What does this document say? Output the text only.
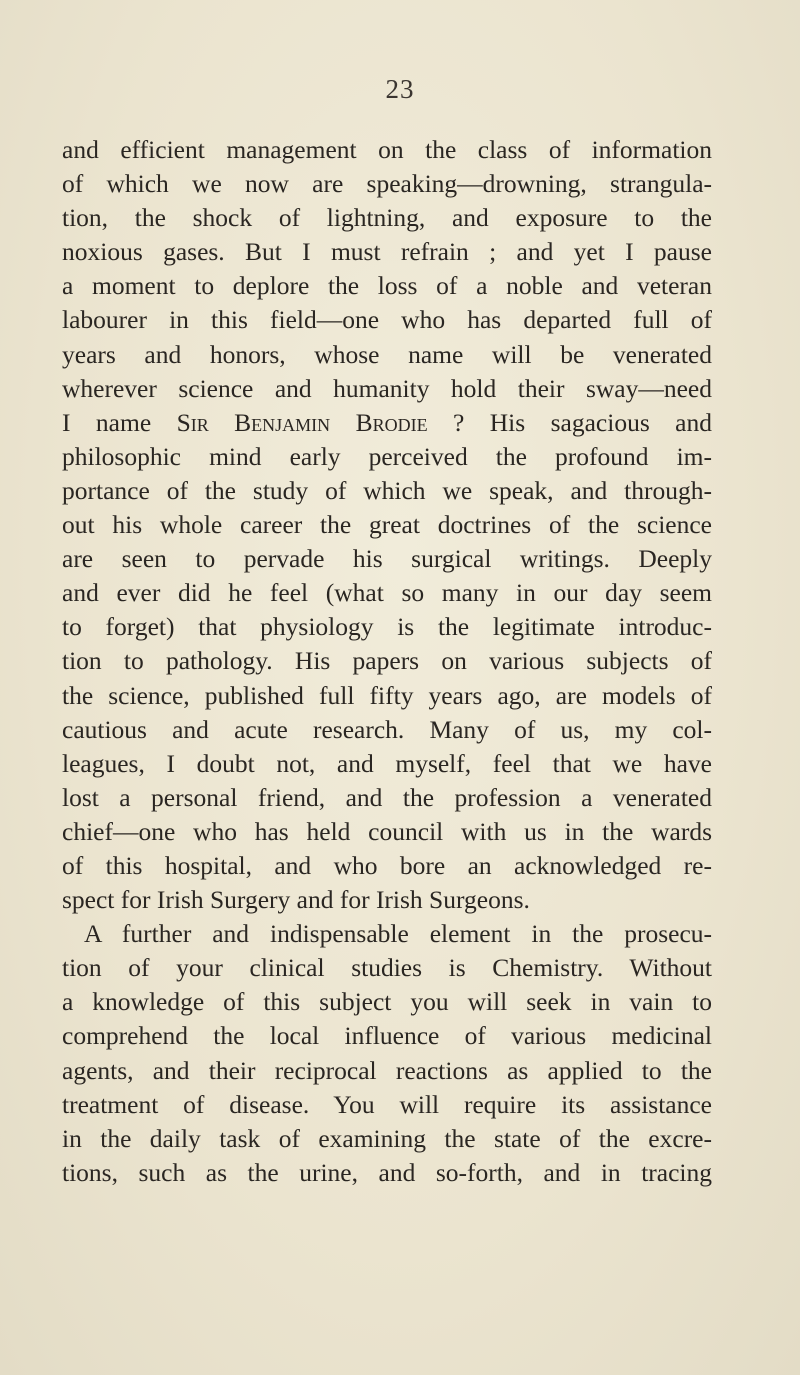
23
and efficient management on the class of information
of which we now are speaking—drowning, strangula-
tion, the shock of lightning, and exposure to the
noxious gases. But I must refrain ; and yet I pause
a moment to deplore the loss of a noble and veteran
labourer in this field—one who has departed full of
years and honors, whose name will be venerated
wherever science and humanity hold their sway—need
I name Sir Benjamin Brodie ? His sagacious and
philosophic mind early perceived the profound im-
portance of the study of which we speak, and through-
out his whole career the great doctrines of the science
are seen to pervade his surgical writings. Deeply
and ever did he feel (what so many in our day seem
to forget) that physiology is the legitimate introduc-
tion to pathology. His papers on various subjects of
the science, published full fifty years ago, are models of
cautious and acute research. Many of us, my col-
leagues, I doubt not, and myself, feel that we have
lost a personal friend, and the profession a venerated
chief—one who has held council with us in the wards
of this hospital, and who bore an acknowledged re-
spect for Irish Surgery and for Irish Surgeons.
A further and indispensable element in the prosecu-
tion of your clinical studies is Chemistry. Without
a knowledge of this subject you will seek in vain to
comprehend the local influence of various medicinal
agents, and their reciprocal reactions as applied to the
treatment of disease. You will require its assistance
in the daily task of examining the state of the excre-
tions, such as the urine, and so-forth, and in tracing
